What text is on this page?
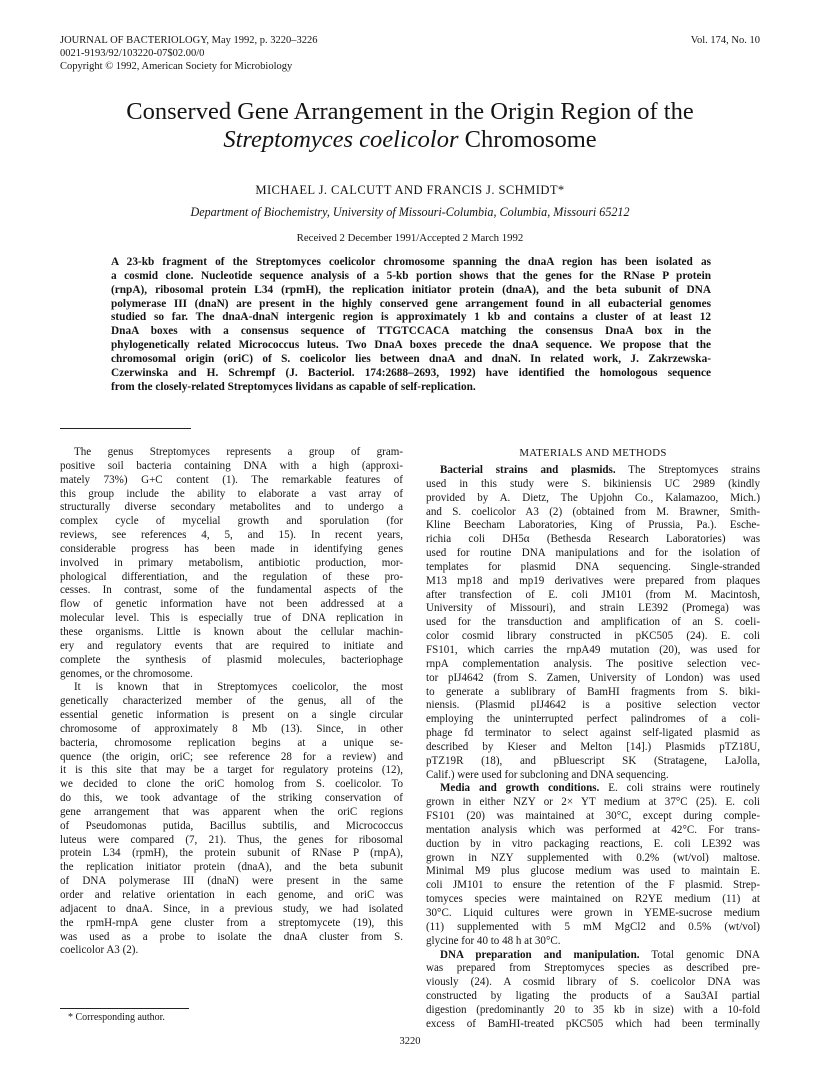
JOURNAL OF BACTERIOLOGY, May 1992, p. 3220–3226
0021-9193/92/103220-07$02.00/0
Copyright © 1992, American Society for Microbiology
Vol. 174, No. 10
Conserved Gene Arrangement in the Origin Region of the
Streptomyces coelicolor Chromosome
MICHAEL J. CALCUTT AND FRANCIS J. SCHMIDT*
Department of Biochemistry, University of Missouri-Columbia, Columbia, Missouri 65212
Received 2 December 1991/Accepted 2 March 1992
A 23-kb fragment of the Streptomyces coelicolor chromosome spanning the dnaA region has been isolated as
a cosmid clone. Nucleotide sequence analysis of a 5-kb portion shows that the genes for the RNase P protein
(rnpA), ribosomal protein L34 (rpmH), the replication initiator protein (dnaA), and the beta subunit of DNA
polymerase III (dnaN) are present in the highly conserved gene arrangement found in all eubacterial genomes
studied so far. The dnaA-dnaN intergenic region is approximately 1 kb and contains a cluster of at least 12
DnaA boxes with a consensus sequence of TTGTCCACA matching the consensus DnaA box in the
phylogenetically related Micrococcus luteus. Two DnaA boxes precede the dnaA sequence. We propose that the
chromosomal origin (oriC) of S. coelicolor lies between dnaA and dnaN. In related work, J. Zakrzewska-
Czerwinska and H. Schrempf (J. Bacteriol. 174:2688–2693, 1992) have identified the homologous sequence
from the closely-related Streptomyces lividans as capable of self-replication.
The genus Streptomyces represents a group of gram-
positive soil bacteria containing DNA with a high (approxi-
mately 73%) G+C content (1). The remarkable features of
this group include the ability to elaborate a vast array of
structurally diverse secondary metabolites and to undergo a
complex cycle of mycelial growth and sporulation (for
reviews, see references 4, 5, and 15). In recent years,
considerable progress has been made in identifying genes
involved in primary metabolism, antibiotic production, mor-
phological differentiation, and the regulation of these pro-
cesses. In contrast, some of the fundamental aspects of the
flow of genetic information have not been addressed at a
molecular level. This is especially true of DNA replication in
these organisms. Little is known about the cellular machin-
ery and regulatory events that are required to initiate and
complete the synthesis of plasmid molecules, bacteriophage
genomes, or the chromosome.
It is known that in Streptomyces coelicolor, the most
genetically characterized member of the genus, all of the
essential genetic information is present on a single circular
chromosome of approximately 8 Mb (13). Since, in other
bacteria, chromosome replication begins at a unique se-
quence (the origin, oriC; see reference 28 for a review) and
it is this site that may be a target for regulatory proteins (12),
we decided to clone the oriC homolog from S. coelicolor. To
do this, we took advantage of the striking conservation of
gene arrangement that was apparent when the oriC regions
of Pseudomonas putida, Bacillus subtilis, and Micrococcus
luteus were compared (7, 21). Thus, the genes for ribosomal
protein L34 (rpmH), the protein subunit of RNase P (rnpA),
the replication initiator protein (dnaA), and the beta subunit
of DNA polymerase III (dnaN) were present in the same
order and relative orientation in each genome, and oriC was
adjacent to dnaA. Since, in a previous study, we had isolated
the rpmH-rnpA gene cluster from a streptomycete (19), this
was used as a probe to isolate the dnaA cluster from S.
coelicolor A3 (2).
MATERIALS AND METHODS
Bacterial strains and plasmids. The Streptomyces strains
used in this study were S. bikiniensis UC 2989 (kindly
provided by A. Dietz, The Upjohn Co., Kalamazoo, Mich.)
and S. coelicolor A3 (2) (obtained from M. Brawner, Smith-
Kline Beecham Laboratories, King of Prussia, Pa.). Esche-
richia coli DH5α (Bethesda Research Laboratories) was
used for routine DNA manipulations and for the isolation of
templates for plasmid DNA sequencing. Single-stranded
M13 mp18 and mp19 derivatives were prepared from plaques
after transfection of E. coli JM101 (from M. Macintosh,
University of Missouri), and strain LE392 (Promega) was
used for the transduction and amplification of an S. coeli-
color cosmid library constructed in pKC505 (24). E. coli
FS101, which carries the rnpA49 mutation (20), was used for
rnpA complementation analysis. The positive selection vec-
tor pIJ4642 (from S. Zamen, University of London) was used
to generate a sublibrary of BamHI fragments from S. biki-
niensis. (Plasmid pIJ4642 is a positive selection vector
employing the uninterrupted perfect palindromes of a coli-
phage fd terminator to select against self-ligated plasmid as
described by Kieser and Melton [14].) Plasmids pTZ18U,
pTZ19R (18), and pBluescript SK (Stratagene, LaJolla,
Calif.) were used for subcloning and DNA sequencing.
Media and growth conditions. E. coli strains were routinely
grown in either NZY or 2× YT medium at 37°C (25). E. coli
FS101 (20) was maintained at 30°C, except during comple-
mentation analysis which was performed at 42°C. For trans-
duction by in vitro packaging reactions, E. coli LE392 was
grown in NZY supplemented with 0.2% (wt/vol) maltose.
Minimal M9 plus glucose medium was used to maintain E.
coli JM101 to ensure the retention of the F plasmid. Strep-
tomyces species were maintained on R2YE medium (11) at
30°C. Liquid cultures were grown in YEME-sucrose medium
(11) supplemented with 5 mM MgCl2 and 0.5% (wt/vol)
glycine for 40 to 48 h at 30°C.
DNA preparation and manipulation. Total genomic DNA
was prepared from Streptomyces species as described pre-
viously (24). A cosmid library of S. coelicolor DNA was
constructed by ligating the products of a Sau3AI partial
digestion (predominantly 20 to 35 kb in size) with a 10-fold
excess of BamHI-treated pKC505 which had been terminally
* Corresponding author.
3220
